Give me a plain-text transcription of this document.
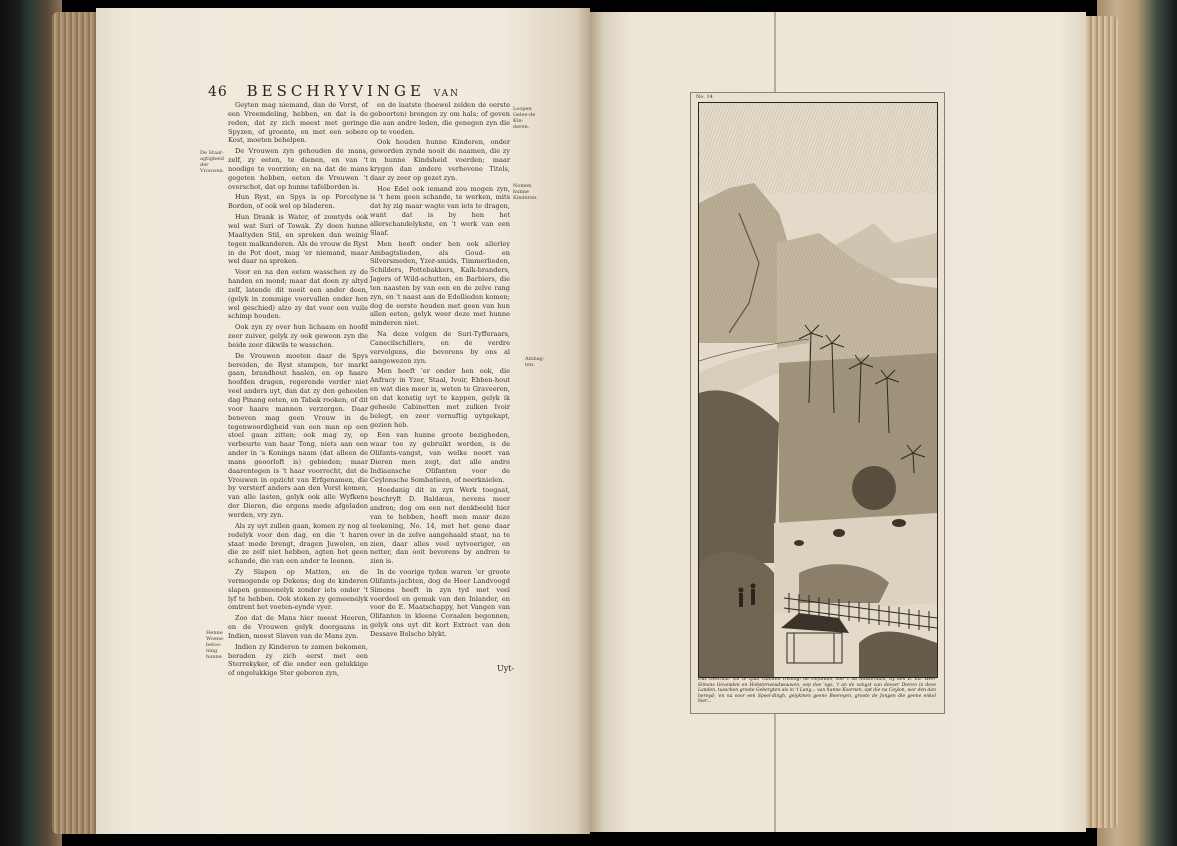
46 BESCHRYVINGE VAN

Geyten mag niemand, dan de Vorst, of een Vreemdeling, hebben, en dat is de reden, dat zy zich meest met geringe Spyzen, of groente, en met een sobere Kost, moeten behelpen.

De Vrouwen zyn gehouden de mans, zelf, zy eeten, te dienen, en van 't noodige te voorzien; en na dat de mans gegeten hebben, eeten de Vrouwen 't overschot, dat op hunne tafelborden is.

Hun Ryst, en Spys is op Porcelyne Borden, of ook wel op bladeren.

Hun Drank is Water, of zomtyds ook wel wat Suri of Towak. Zy doen hunne Maaltyden Stil, en spreken dan weinig tegen malkanderen. Als de vrouw de Ryst in de Pot doet, mag 'er niemand, maar wel daar na spreken.

Voor en na den eeten wasschen zy de handen en mond; maar dat doen zy altyd zelf, latende dit nooit een ander doen, (gelyk in zommige voorvallen onder hen wel geschied) alzo zy dat voor een vuile schimp houden.

Ook zyn zy over hun lichaam en hoofd zeer zuiver, gelyk zy ook gewoon zyn die beide zeer dikwils te wasschen.

De Vrouwen moeten daar de Spys bereiden, de Ryst stampen, ter markt gaan, brandhout haalen, en op haare hoofden dragen, regerende verder niet veel anders uyt, dan dat zy den geheelen dag Pinang eeten, en Tabak rooken, of dit voor haare mannen verzorgen. Daar beneven mag geen Vrouw in de tegenwoordigheid van een man op een stoel gaan zitten; ook mag zy, op verbeurte van haar Tong, niets aan een ander in 's Konings naam (dat alleen de mans geoorloft is) gebieden; maar daarentegen is 't haar voorrecht, dat de Vrouwen in opzicht van Erfgenamen, die by versterf anders aan den Vorst komen, van alle lasten, gelyk ook alle Wyfkens der Dieren, die ergens mede afgeladen werden, vry zyn.

Als zy uyt zullen gaan, komen zy nog al redelyk voor den dag, en die 't haren staat mede brengt, dragen Juwelen, en die ze zelf niet hebben, agten het geen schande, die van een ander te leenen.

Zy Slapen op Matten, en de vermogende op Dekens; dog de kinderen slapen gemeenelyk zonder iets onder 't lyf te hebben. Ook stoken zy gemeenelyk omtrent het voeten-eynde vyer.

Zoo dat de Mans hier meest Heeren, en de Vrouwen gelyk doorgaans in Indien, meest Slaven van de Mans zyn.

Indien zy Kinderen te zamen bekomen, beraden zy zich eerst met een Sterrekyker, of die onder een gelukkige of ongelukkige Ster geboren zyn,

en de laatste (hoewel zelden de eerste geboorten) brengen zy om hals; of geven die aan andre leden, die genegen zyn die op te voeden.

Ook houden hunne Kinderen, onder geworden zynde nooit de naamen, die zy in hunne Kindsheid voerden; maar krygen dan andere verhevene Titels, daar zy zeer op gezet zyn.

Hoe Edel ook iemand zou mogen zyn, is 't hem geen schande, te werken, mits dat hy zig maar wagte van iets te dragen, want dat is by hen het allerschandelykste, en 't werk van een Slaaf.

Men heeft onder hen ook allerley Ambagtslieden, als Goud- en Silversmeden, Yzer-smids, Timmerlieden, Schilders, Pottebakkers, Kalk-branders, Jagers of Wild-schutten, en Barbiers, die ten naasten by van een en de zelve rang zyn, en 't naast aan de Edellieden komen; dog de eerste houden met geen van hun allen eeten, gelyk weer deze met hunne minderen niet.

Na deze volgen de Suri-Tyfferaars, Canecilschillers, en de verdre vervolgens, die bevorens by ons al aangewezen zyn.

Men heeft 'er onder hen ook, die Anfracy in Yzer, Staal, Ivoir, Ebben-hout en wat dies meer is, weten te Graveeren, en dat konstig uyt te kappen, gelyk ik geheele Cabinetten met zulken Ivoir belegt, en zeer vernuftig uytgekapt, gezien heb.

Een van hunne groote bezigheden, waar toe zy gebruikt werden, is de Olifants-vangst, van welke noort van Dieren men zegt, dat alle andre Indiaansche Olifanten voor de Ceylonsche Sombatieen, of neerknielen.

Hoedanig dit in zyn Werk toegaat, beschryft D. Baldæus, nevens meer andren; dog om een net denkbeeld hier van te hebben, heeft men maar deze teekening, No. 14, met het gene daar over in de zelve aangehaald staat, na te zien, daar alles veel uytvoeriger, en netter, dan ooit bevorens by andren te zien is.

In de voorige tyden waren 'er groote Olifants-jachten, dog de Heer Landvoogd Simons heeft in zyn tyd met veel voordeel en gemak van den Inlander, en voor de E. Maatschappy, het Vangen van Olifanten in kleene Coraalen begonnen, gelyk ons uyt dit kort Extract van den Dessave Bolscho blykt.

De Staat-agtigheid der Vrouwen.
Henne Woens-beloo-ning hunne
Loopen Gelee-de Kin-deren.
Nomen hunne Kinderen.
Ambag-ten.
Uyt-
No. 14
Dus Geschild. Vol te Quar Guinten trelling: de Olifanten, soo 't na Amsterdam, by den E. Ed. Heer Simons Gevonden en Hobsterwoudwouwen, oop doe 'ogs, 't an de vangst van deeser Dieren in deze Landen, tusschen groote Gebergten als in 't Lang... van hunne Koornen, opt die na Ceylon, wor den dan bereyd; 'en na voor een Speel-dingh, gelykmen geene Boereyen, groote de Jongen die geene enkel hier...
